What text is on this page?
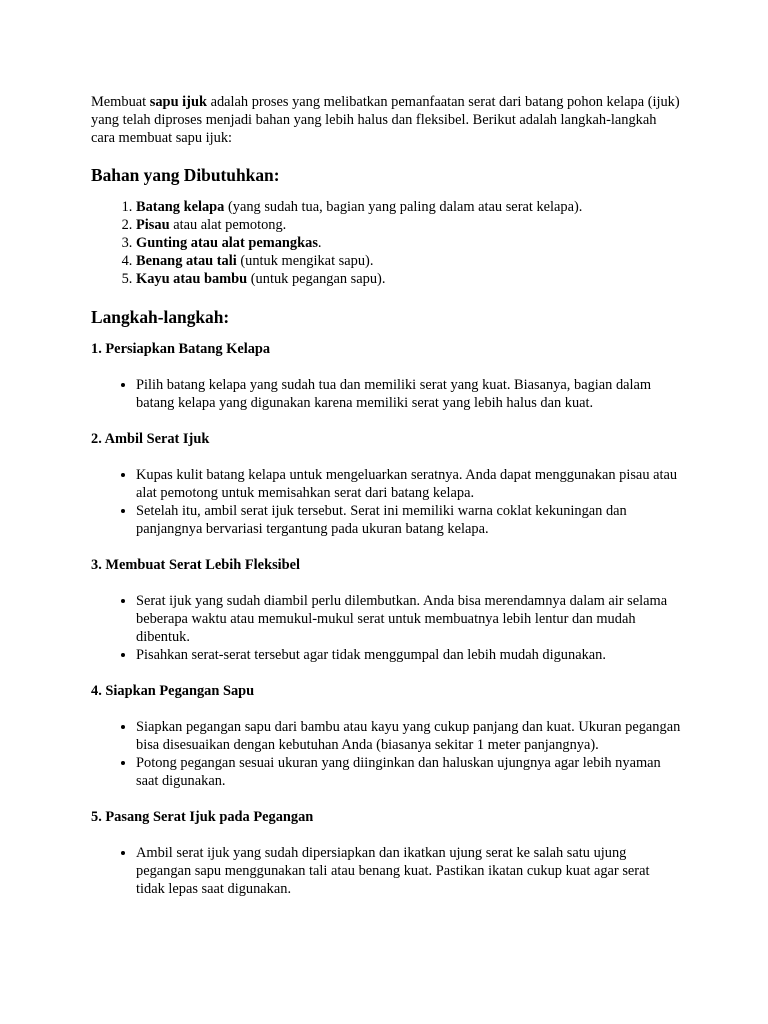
Membuat sapu ijuk adalah proses yang melibatkan pemanfaatan serat dari batang pohon kelapa (ijuk) yang telah diproses menjadi bahan yang lebih halus dan fleksibel. Berikut adalah langkah-langkah cara membuat sapu ijuk:

Bahan yang Dibutuhkan:
1. Batang kelapa (yang sudah tua, bagian yang paling dalam atau serat kelapa).
2. Pisau atau alat pemotong.
3. Gunting atau alat pemangkas.
4. Benang atau tali (untuk mengikat sapu).
5. Kayu atau bambu (untuk pegangan sapu).
Langkah-langkah:
1. Persiapkan Batang Kelapa
• Pilih batang kelapa yang sudah tua dan memiliki serat yang kuat. Biasanya, bagian dalam batang kelapa yang digunakan karena memiliki serat yang lebih halus dan kuat.
2. Ambil Serat Ijuk
• Kupas kulit batang kelapa untuk mengeluarkan seratnya. Anda dapat menggunakan pisau atau alat pemotong untuk memisahkan serat dari batang kelapa.
• Setelah itu, ambil serat ijuk tersebut. Serat ini memiliki warna coklat kekuningan dan panjangnya bervariasi tergantung pada ukuran batang kelapa.
3. Membuat Serat Lebih Fleksibel
• Serat ijuk yang sudah diambil perlu dilembutkan. Anda bisa merendamnya dalam air selama beberapa waktu atau memukul-mukul serat untuk membuatnya lebih lentur dan mudah dibentuk.
• Pisahkan serat-serat tersebut agar tidak menggumpal dan lebih mudah digunakan.
4. Siapkan Pegangan Sapu
• Siapkan pegangan sapu dari bambu atau kayu yang cukup panjang dan kuat. Ukuran pegangan bisa disesuaikan dengan kebutuhan Anda (biasanya sekitar 1 meter panjangnya).
• Potong pegangan sesuai ukuran yang diinginkan dan haluskan ujungnya agar lebih nyaman saat digunakan.
5. Pasang Serat Ijuk pada Pegangan
• Ambil serat ijuk yang sudah dipersiapkan dan ikatkan ujung serat ke salah satu ujung pegangan sapu menggunakan tali atau benang kuat. Pastikan ikatan cukup kuat agar serat tidak lepas saat digunakan.
